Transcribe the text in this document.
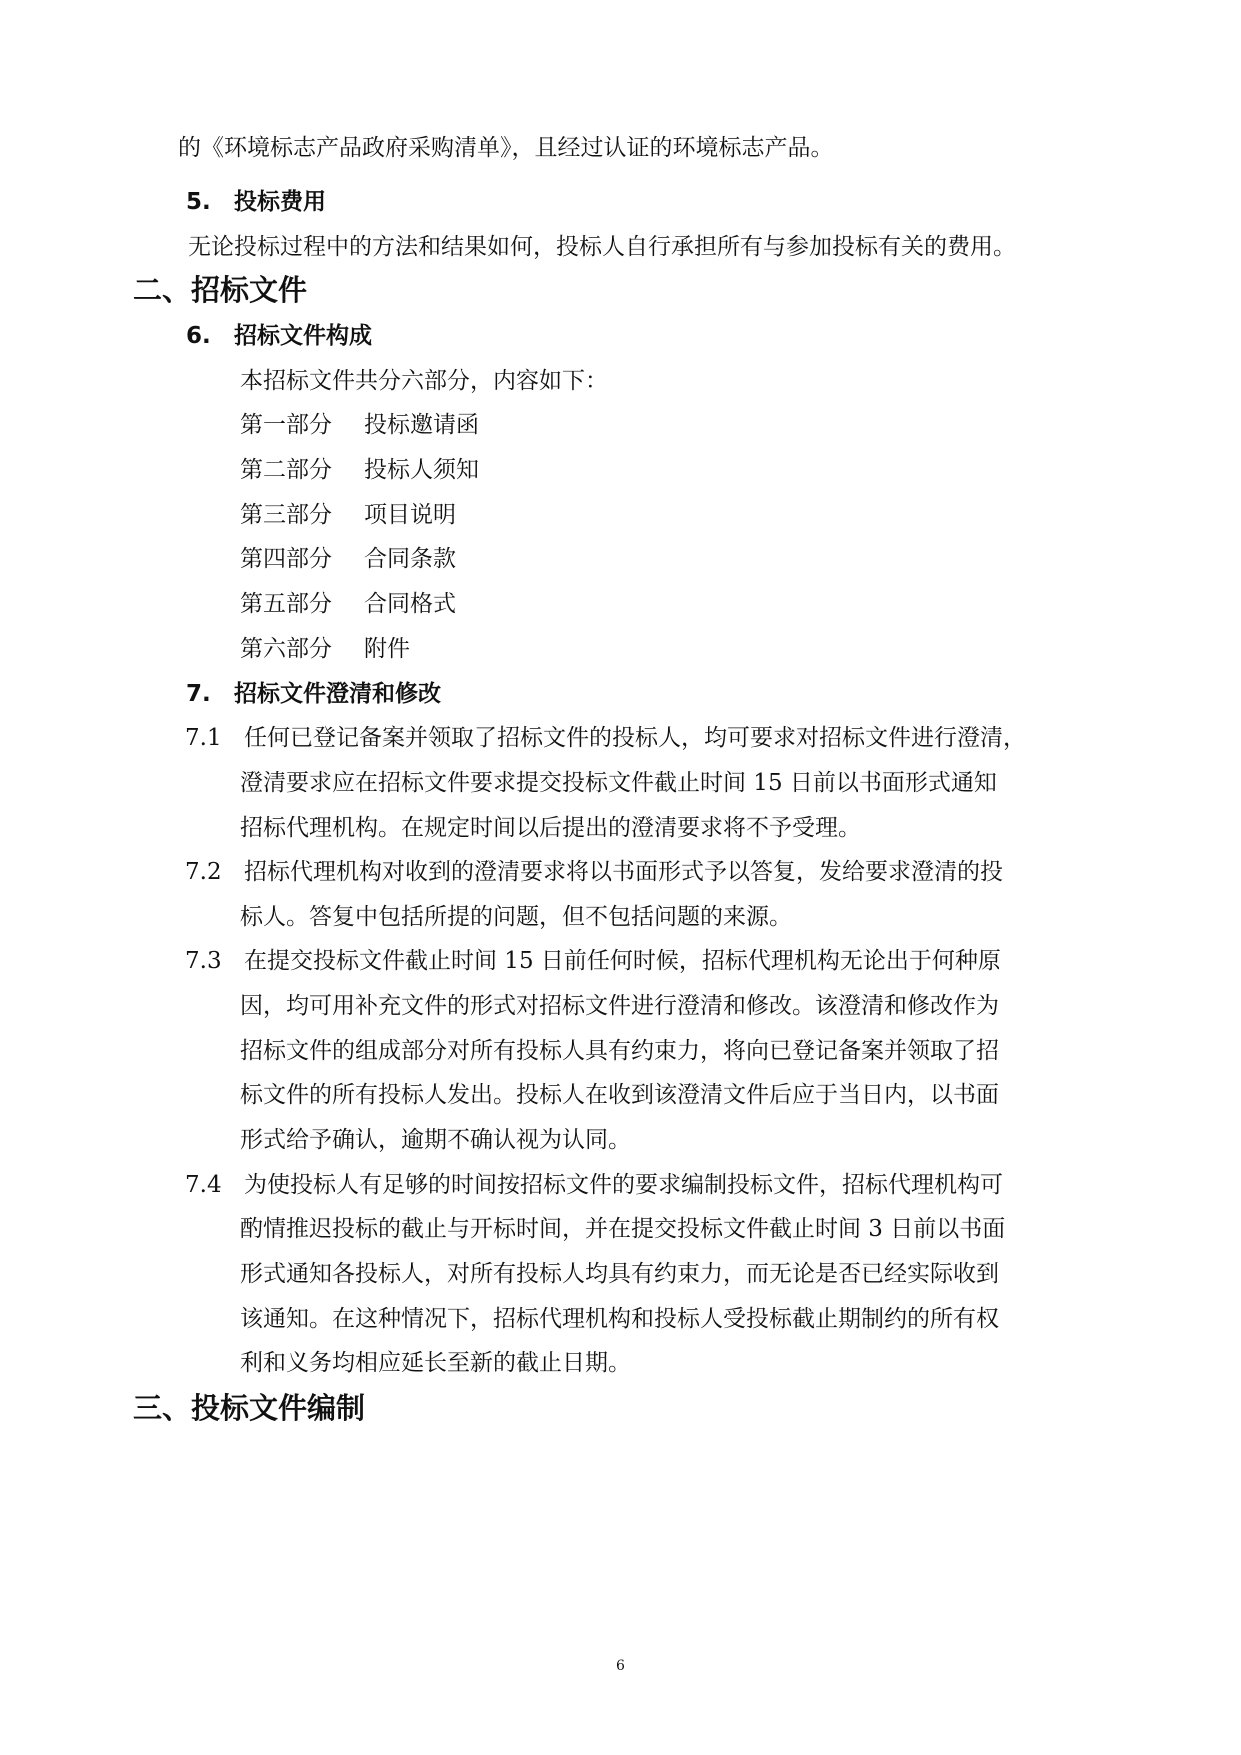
的《环境标志产品政府采购清单》，且经过认证的环境标志产品。
5. 投标费用
无论投标过程中的方法和结果如何，投标人自行承担所有与参加投标有关的费用。
二、招标文件
6. 招标文件构成
本招标文件共分六部分，内容如下：
第一部分 投标邀请函
第二部分 投标人须知
第三部分 项目说明
第四部分 合同条款
第五部分 合同格式
第六部分 附件
7. 招标文件澄清和修改
7.1 任何已登记备案并领取了招标文件的投标人，均可要求对招标文件进行澄清，
澄清要求应在招标文件要求提交投标文件截止时间 15 日前以书面形式通知
招标代理机构。在规定时间以后提出的澄清要求将不予受理。
7.2 招标代理机构对收到的澄清要求将以书面形式予以答复，发给要求澄清的投
标人。答复中包括所提的问题，但不包括问题的来源。
7.3 在提交投标文件截止时间 15 日前任何时候，招标代理机构无论出于何种原
因，均可用补充文件的形式对招标文件进行澄清和修改。该澄清和修改作为
招标文件的组成部分对所有投标人具有约束力，将向已登记备案并领取了招
标文件的所有投标人发出。投标人在收到该澄清文件后应于当日内，以书面
形式给予确认，逾期不确认视为认同。
7.4 为使投标人有足够的时间按招标文件的要求编制投标文件，招标代理机构可
酌情推迟投标的截止与开标时间，并在提交投标文件截止时间 3 日前以书面
形式通知各投标人，对所有投标人均具有约束力，而无论是否已经实际收到
该通知。在这种情况下，招标代理机构和投标人受投标截止期制约的所有权
利和义务均相应延长至新的截止日期。
三、投标文件编制
6
